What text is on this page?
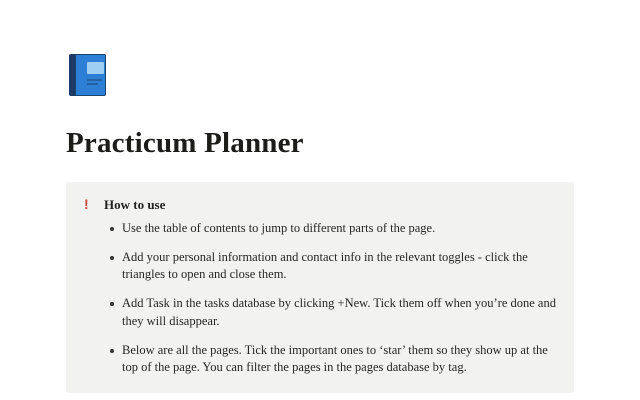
Practicum Planner
!	How to use
Use the table of contents to jump to different parts of the page.
Add your personal information and contact info in the relevant toggles - click the triangles to open and close them.
Add Task in the tasks database by clicking +New. Tick them off when you’re done and they will disappear.
Below are all the pages. Tick the important ones to ‘star’ them so they show up at the top of the page. You can filter the pages in the pages database by tag.
